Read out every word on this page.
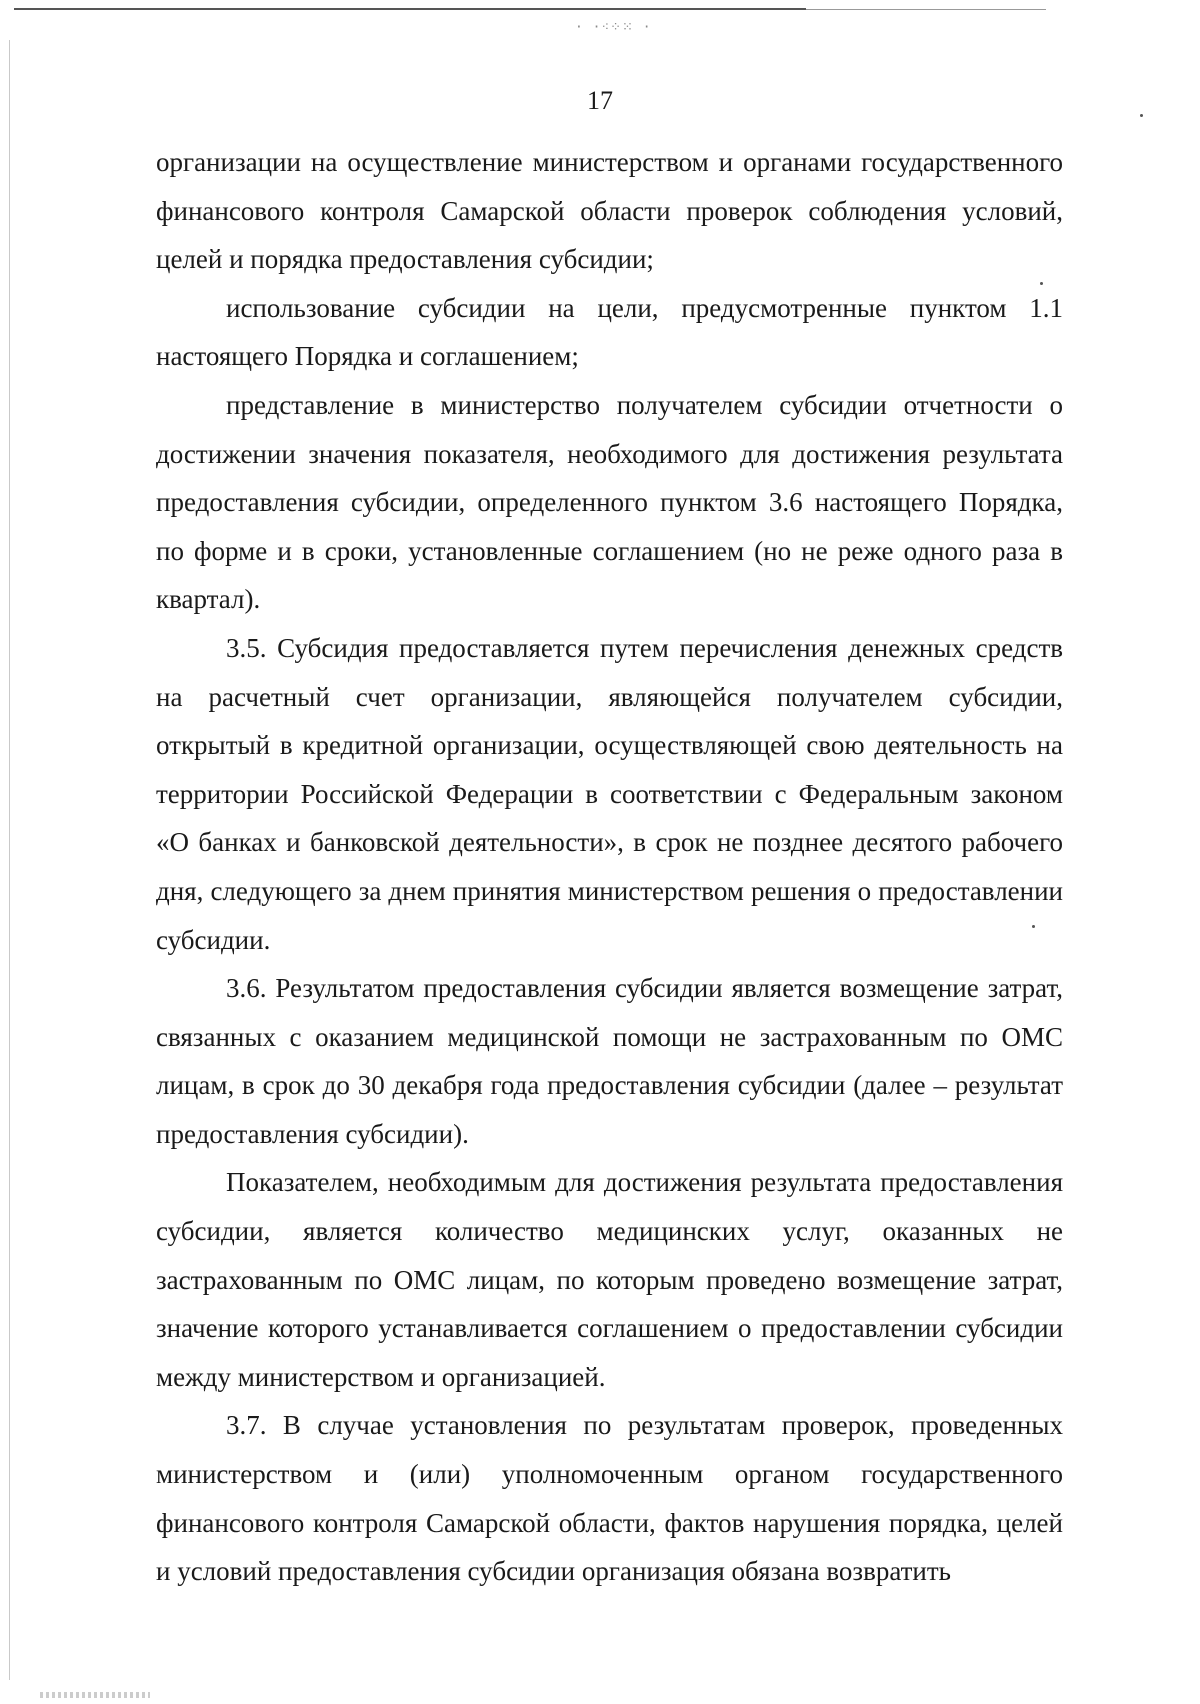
· ·⁖⁘⁙ ·
17

организации на осуществление министерством и органами государственного финансового контроля Самарской области проверок соблюдения условий, целей и порядка предоставления субсидии;

использование субсидии на цели, предусмотренные пунктом 1.1 настоящего Порядка и соглашением;

представление в министерство получателем субсидии отчетности о достижении значения показателя, необходимого для достижения результата предоставления субсидии, определенного пунктом 3.6 настоящего Порядка, по форме и в сроки, установленные соглашением (но не реже одного раза в квартал).

3.5. Субсидия предоставляется путем перечисления денежных средств на расчетный счет организации, являющейся получателем субсидии, открытый в кредитной организации, осуществляющей свою деятельность на территории Российской Федерации в соответствии с Федеральным законом «О банках и банковской деятельности», в срок не позднее десятого рабочего дня, следующего за днем принятия министерством решения о предоставлении субсидии.

3.6. Результатом предоставления субсидии является возмещение затрат, связанных с оказанием медицинской помощи не застрахованным по ОМС лицам, в срок до 30 декабря года предоставления субсидии (далее – результат предоставления субсидии).

Показателем, необходимым для достижения результата предоставления субсидии, является количество медицинских услуг, оказанных не застрахованным по ОМС лицам, по которым проведено возмещение затрат, значение которого устанавливается соглашением о предоставлении субсидии между министерством и организацией.

3.7. В случае установления по результатам проверок, проведенных министерством и (или) уполномоченным органом государственного финансового контроля Самарской области, фактов нарушения порядка, целей и условий предоставления субсидии организация обязана возвратить
